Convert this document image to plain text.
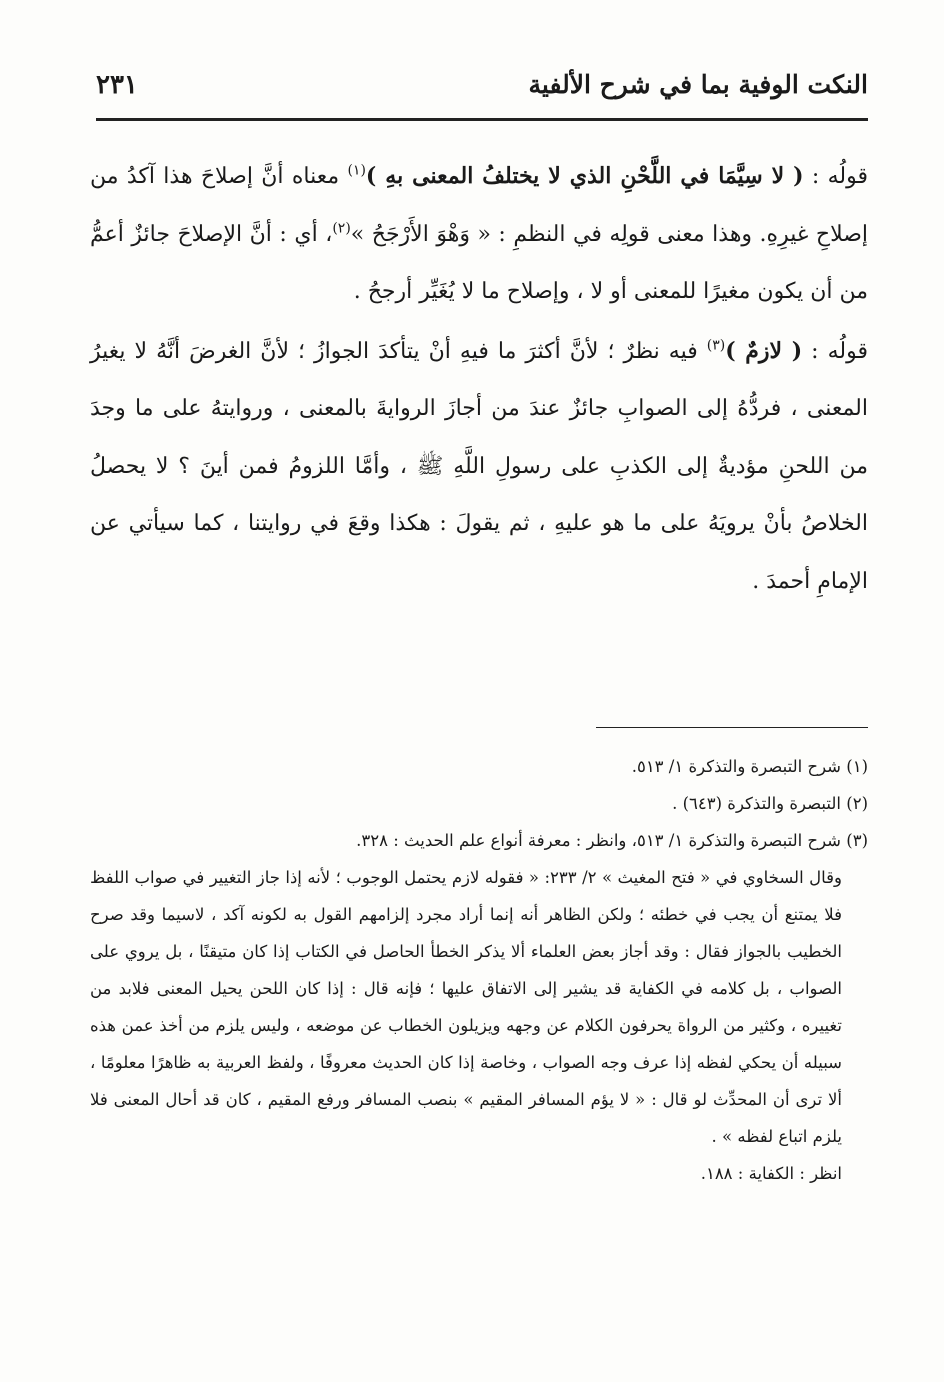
النكت الوفية بما في شرح الألفية
٢٣١

قولُه : ( لا سِيَّمَا في اللَّحْنِ الذي لا يختلفُ المعنى بهِ )$^{(١)}$ معناه أنَّ إصلاحَ هذا آكدُ من إصلاحِ غيرِهِ. وهذا معنى قولِه في النظمِ : « وَهْوَ الأَرْجَحُ »$^{(٢)}$، أي : أنَّ الإصلاحَ جائزٌ أعمُّ من أن يكون مغيرًا للمعنى أو لا ، وإصلاح ما لا يُغَيِّر أرجحُ .

قولُه : ( لازمٌ )$^{(٣)}$ فيه نظرٌ ؛ لأنَّ أكثرَ ما فيهِ أنْ يتأكدَ الجوازُ ؛ لأنَّ الغرضَ أنَّهُ لا يغيرُ المعنى ، فردُّهُ إلى الصوابِ جائزٌ عندَ من أجازَ الروايةَ بالمعنى ، وروايتهُ على ما وجدَ من اللحنِ مؤديةٌ إلى الكذبِ على رسولِ اللَّهِ ﷺ ، وأمَّا اللزومُ فمن أينَ ؟ لا يحصلُ الخلاصُ بأنْ يرويَهُ على ما هو عليهِ ، ثم يقولَ : هكذا وقعَ في روايتنا ، كما سيأتي عن الإمامِ أحمدَ .

(١) شرح التبصرة والتذكرة ١/ ٥١٣.

(٢) التبصرة والتذكرة (٦٤٣) .

(٣) شرح التبصرة والتذكرة ١/ ٥١٣، وانظر : معرفة أنواع علم الحديث : ٣٢٨.

وقال السخاوي في « فتح المغيث » ٢/ ٢٣٣: « فقوله لازم يحتمل الوجوب ؛ لأنه إذا جاز التغيير في صواب اللفظ فلا يمتنع أن يجب في خطئه ؛ ولكن الظاهر أنه إنما أراد مجرد إلزامهم القول به لكونه آكد ، لاسيما وقد صرح الخطيب بالجواز فقال : وقد أجاز بعض العلماء ألا يذكر الخطأ الحاصل في الكتاب إذا كان متيقنًا ، بل يروي على الصواب ، بل كلامه في الكفاية قد يشير إلى الاتفاق عليها ؛ فإنه قال : إذا كان اللحن يحيل المعنى فلابد من تغييره ، وكثير من الرواة يحرفون الكلام عن وجهه ويزيلون الخطاب عن موضعه ، وليس يلزم من أخذ عمن هذه سبيله أن يحكي لفظه إذا عرف وجه الصواب ، وخاصة إذا كان الحديث معروفًا ، ولفظ العربية به ظاهرًا معلومًا ، ألا ترى أن المحدِّث لو قال : « لا يؤم المسافر المقيم » بنصب المسافر ورفع المقيم ، كان قد أحال المعنى فلا يلزم اتباع لفظه » .

انظر : الكفاية : ١٨٨.
